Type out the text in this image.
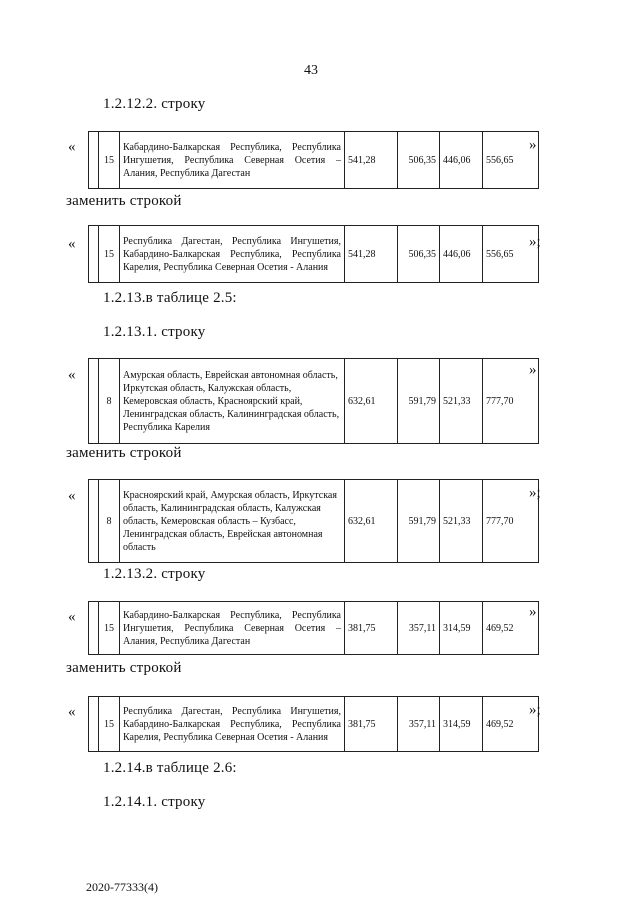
43
1.2.12.2. строку
«
	15	Кабардино-Балкарская Республика, Республика Ингушетия, Республика Северная Осетия – Алания, Республика Дагестан	541,28	506,35	446,06	556,65
»
заменить строкой
«
	15	Республика Дагестан, Республика Ингушетия, Кабардино-Балкарская Республика, Республика Карелия, Республика Северная Осетия - Алания	541,28	506,35	446,06	556,65
»;
1.2.13.в таблице 2.5:
1.2.13.1. строку
«
	8	Амурская область, Еврейская автономная область, Иркутская область, Калужская область, Кемеровская область, Красноярский край, Ленинградская область, Калининградская область, Республика Карелия	632,61	591,79	521,33	777,70
»
заменить строкой
«
	8	Красноярский край, Амурская область, Иркутская область, Калининградская область, Калужская область, Кемеровская область – Кузбасс, Ленинградская область, Еврейская автономная область	632,61	591,79	521,33	777,70
»;
1.2.13.2. строку
«
	15	Кабардино-Балкарская Республика, Республика Ингушетия, Республика Северная Осетия – Алания, Республика Дагестан	381,75	357,11	314,59	469,52
»
заменить строкой
«
	15	Республика Дагестан, Республика Ингушетия, Кабардино-Балкарская Республика, Республика Карелия, Республика Северная Осетия - Алания	381,75	357,11	314,59	469,52
»;
1.2.14.в таблице 2.6:
1.2.14.1. строку
2020-77333(4)
